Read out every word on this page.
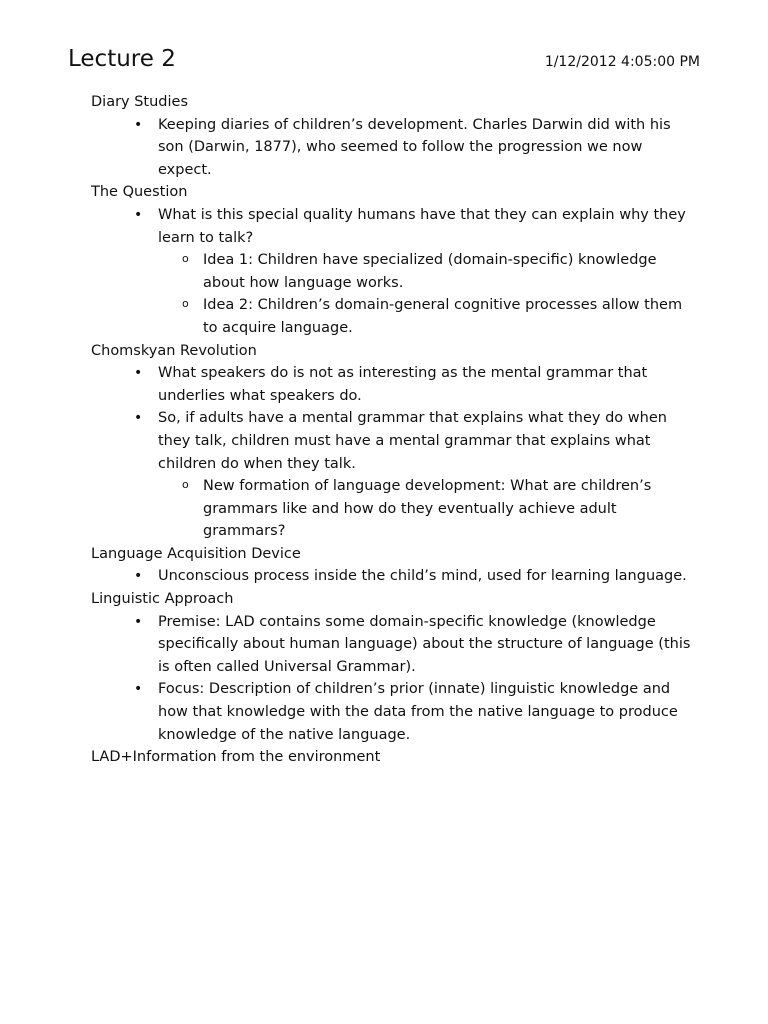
Lecture 2	1/12/2012 4:05:00 PM
Diary Studies
• Keeping diaries of children’s development. Charles Darwin did with his son (Darwin, 1877), who seemed to follow the progression we now expect.
The Question
• What is this special quality humans have that they can explain why they learn to talk?
o Idea 1: Children have specialized (domain-specific) knowledge about how language works.
o Idea 2: Children’s domain-general cognitive processes allow them to acquire language.
Chomskyan Revolution
• What speakers do is not as interesting as the mental grammar that underlies what speakers do.
• So, if adults have a mental grammar that explains what they do when they talk, children must have a mental grammar that explains what children do when they talk.
o New formation of language development: What are children’s grammars like and how do they eventually achieve adult grammars?
Language Acquisition Device
• Unconscious process inside the child’s mind, used for learning language.
Linguistic Approach
• Premise: LAD contains some domain-specific knowledge (knowledge specifically about human language) about the structure of language (this is often called Universal Grammar).
• Focus: Description of children’s prior (innate) linguistic knowledge and how that knowledge with the data from the native language to produce knowledge of the native language.
LAD+Information from the environment
